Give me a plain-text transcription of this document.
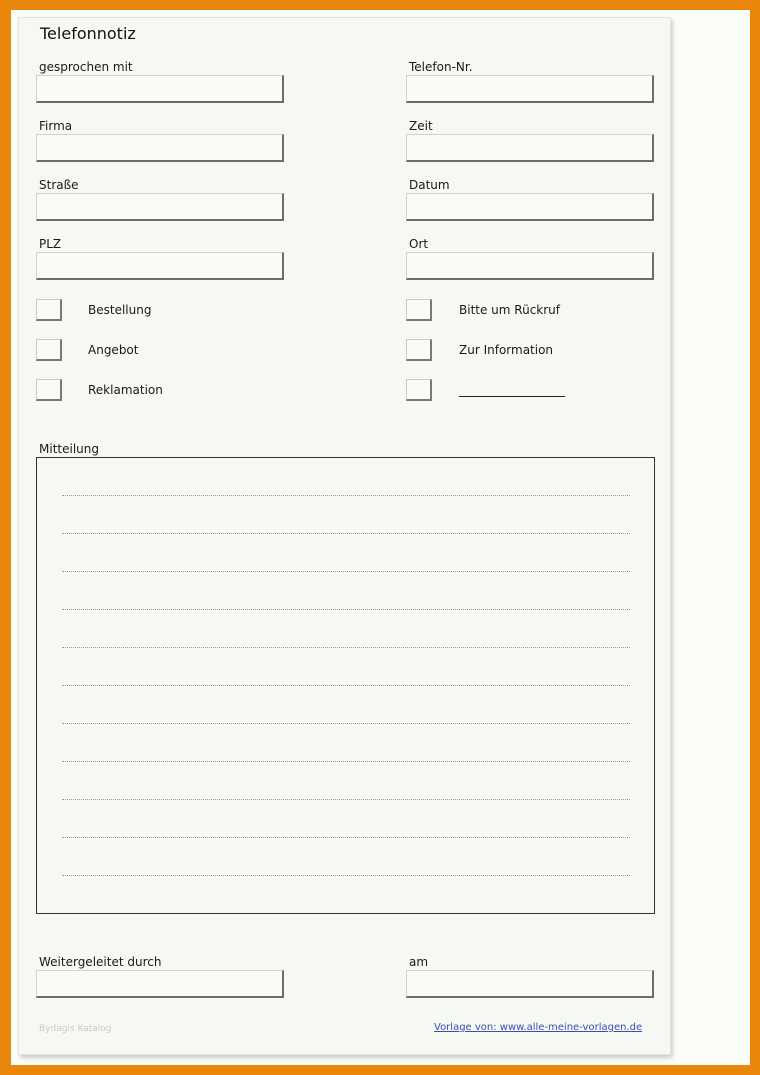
Telefonnotiz
gesprochen mit	Telefon-Nr.
Firma	Zeit
Straße	Datum
PLZ	Ort
Bestellung	Bitte um Rückruf
Angebot	Zur Information
Reklamation
Mitteilung
Weitergeleitet durch	am
Bydagis Katalog	Vorlage von: www.alle-meine-vorlagen.de
